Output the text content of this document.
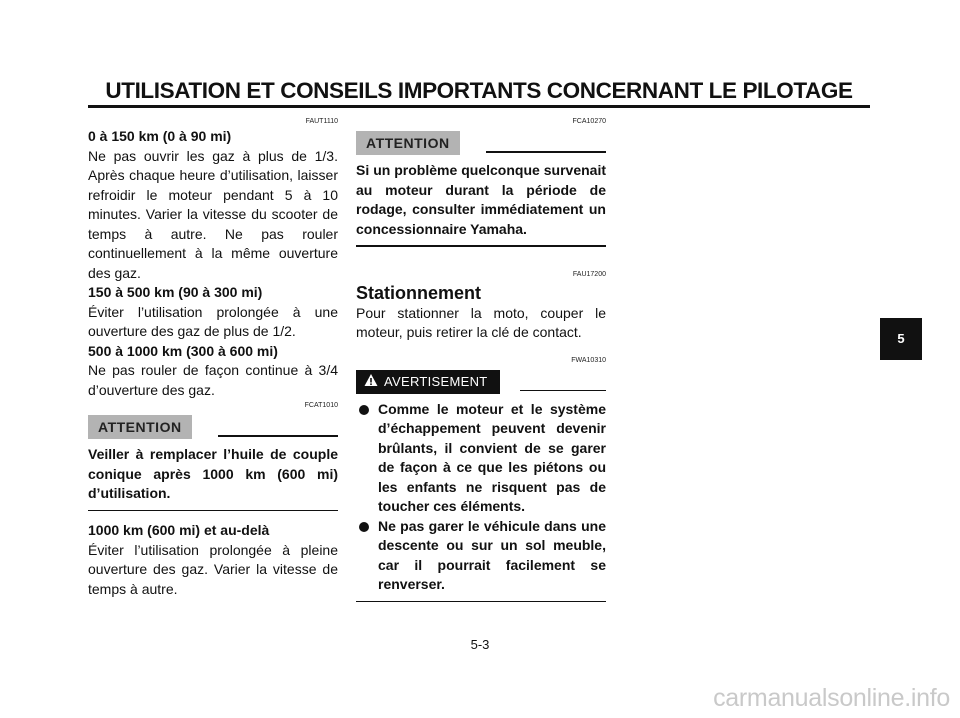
UTILISATION ET CONSEILS IMPORTANTS CONCERNANT LE PILOTAGE
FAUT1110
0 à 150 km (0 à 90 mi)
Ne pas ouvrir les gaz à plus de 1/3. Après chaque heure d’utilisation, laisser refroidir le moteur pendant 5 à 10 minutes. Varier la vitesse du scooter de temps à autre. Ne pas rouler continuellement à la même ouverture des gaz.
150 à 500 km (90 à 300 mi)
Éviter l’utilisation prolongée à une ouverture des gaz de plus de 1/2.
500 à 1000 km (300 à 600 mi)
Ne pas rouler de façon continue à 3/4 d’ouverture des gaz.
FCAT1010
ATTENTION
Veiller à remplacer l’huile de couple conique après 1000 km (600 mi) d’utilisation.
1000 km (600 mi) et au-delà
Éviter l’utilisation prolongée à pleine ouverture des gaz. Varier la vitesse de temps à autre.
FCA10270
ATTENTION
Si un problème quelconque survenait au moteur durant la période de rodage, consulter immédiatement un concessionnaire Yamaha.
FAU17200
Stationnement
Pour stationner la moto, couper le moteur, puis retirer la clé de contact.
FWA10310
AVERTISEMENT
Comme le moteur et le système d’échappement peuvent devenir brûlants, il convient de se garer de façon à ce que les piétons ou les enfants ne risquent pas de toucher ces éléments.
Ne pas garer le véhicule dans une descente ou sur un sol meuble, car il pourrait facilement se renverser.
5
5-3
carmanualsonline.info
